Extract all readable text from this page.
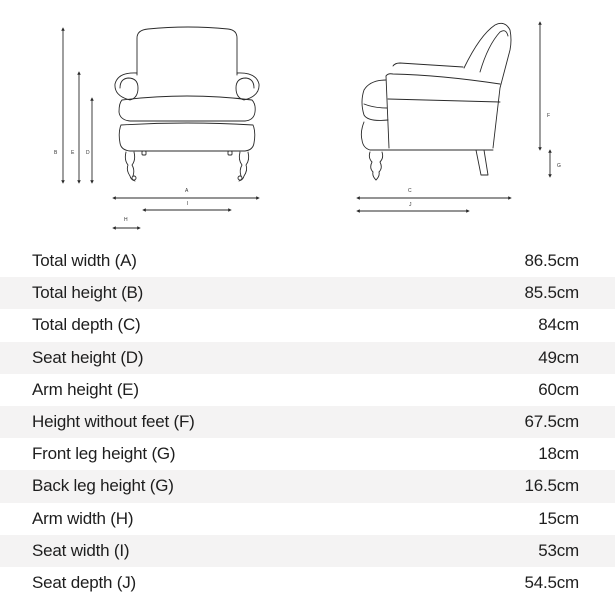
B	E D
A
I
H
C
J
F
G
Total width (A)	86.5cm
Total height (B)	85.5cm
Total depth (C)	84cm
Seat height (D)	49cm
Arm height (E)	60cm
Height without feet (F)	67.5cm
Front leg height (G)	18cm
Back leg height (G)	16.5cm
Arm width (H)	15cm
Seat width (I)	53cm
Seat depth (J)	54.5cm
